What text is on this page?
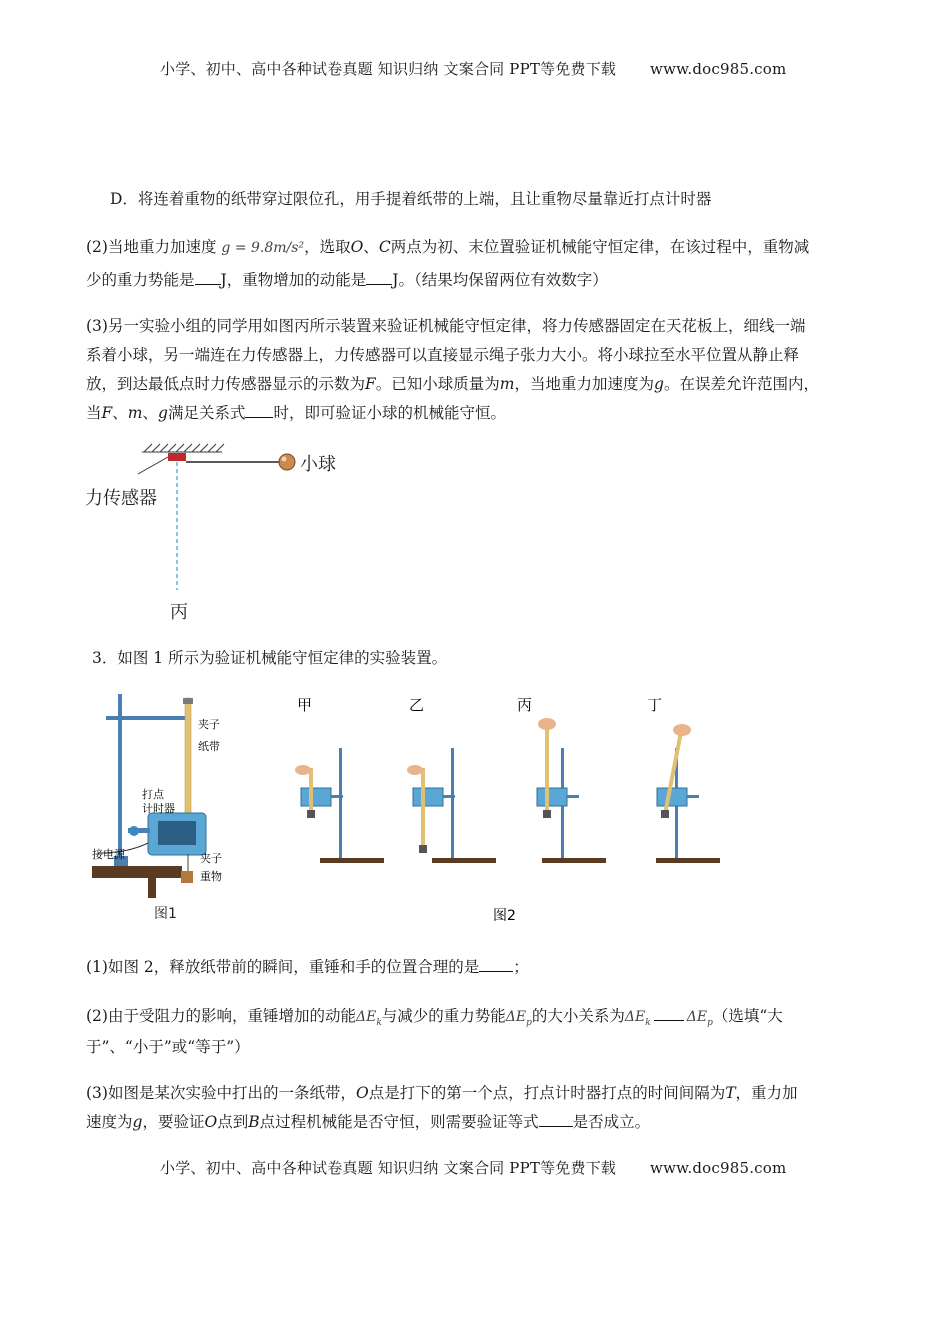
小学、初中、高中各种试卷真题 知识归纳 文案合同 PPT等免费下载 www.doc985.com
D．将连着重物的纸带穿过限位孔，用手提着纸带的上端，且让重物尽量靠近打点计时器
(2)当地重力加速度 g = 9.8m/s²，选取O、C两点为初、末位置验证机械能守恒定律，在该过程中，重物减
少的重力势能是 J，重物增加的动能是 J。（结果均保留两位有效数字）
(3)另一实验小组的同学用如图丙所示装置来验证机械能守恒定律，将力传感器固定在天花板上，细线一端
系着小球，另一端连在力传感器上，力传感器可以直接显示绳子张力大小。将小球拉至水平位置从静止释
放，到达最低点时力传感器显示的示数为F。已知小球质量为m，当地重力加速度为g。在误差允许范围内，
当F、m、g满足关系式 时，即可验证小球的机械能守恒。
力传感器
小球
丙
3．如图 1 所示为验证机械能守恒定律的实验装置。
夹子
纸带
打点
计时器
接电源	夹子
重物
图1
甲	乙	丙	丁
图2
(1)如图 2，释放纸带前的瞬间，重锤和手的位置合理的是 ；
(2)由于受阻力的影响，重锤增加的动能$\Delta E_k$与减少的重力势能$\Delta E_p$的大小关系为$\Delta E_k$	$\Delta E_p$（选填“大
于”、“小于”或“等于”）
(3)如图是某次实验中打出的一条纸带，O点是打下的第一个点，打点计时器打点的时间间隔为T，重力加
速度为g，要验证O点到B点过程机械能是否守恒，则需要验证等式 是否成立。
小学、初中、高中各种试卷真题 知识归纳 文案合同 PPT等免费下载 www.doc985.com
